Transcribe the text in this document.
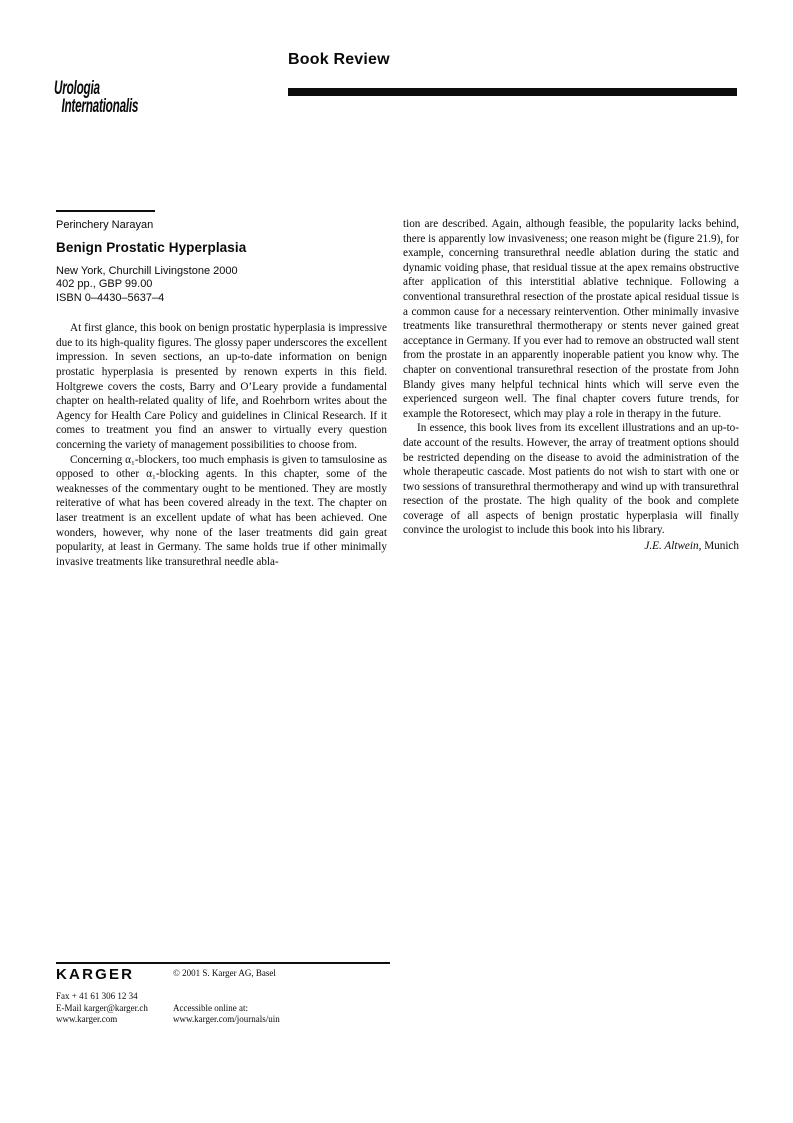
Book Review
Urologia
Internationalis
Perinchery Narayan
Benign Prostatic Hyperplasia
New York, Churchill Livingstone 2000
402 pp., GBP 99.00
ISBN 0–4430–5637–4

At first glance, this book on benign prostatic hyperplasia is impressive due to its high-quality figures. The glossy paper underscores the excellent impression. In seven sections, an up-to-date information on benign prostatic hyperplasia is presented by renown experts in this field. Holtgrewe covers the costs, Barry and O’Leary provide a fundamental chapter on health-related quality of life, and Roehrborn writes about the Agency for Health Care Policy and guidelines in Clinical Research. If it comes to treatment you find an answer to virtually every question concerning the variety of management possibilities to choose from.

Concerning α₁-blockers, too much emphasis is given to tamsulosine as opposed to other α₁-blocking agents. In this chapter, some of the weaknesses of the commentary ought to be mentioned. They are mostly reiterative of what has been covered already in the text. The chapter on laser treatment is an excellent update of what has been achieved. One wonders, however, why none of the laser treatments did gain great popularity, at least in Germany. The same holds true if other minimally invasive treatments like transurethral needle abla-

tion are described. Again, although feasible, the popularity lacks behind, there is apparently low invasiveness; one reason might be (figure 21.9), for example, concerning transurethral needle ablation during the static and dynamic voiding phase, that residual tissue at the apex remains obstructive after application of this interstitial ablative technique. Following a conventional transurethral resection of the prostate apical residual tissue is a common cause for a necessary reintervention. Other minimally invasive treatments like transurethral thermotherapy or stents never gained great acceptance in Germany. If you ever had to remove an obstructed wall stent from the prostate in an apparently inoperable patient you know why. The chapter on conventional transurethral resection of the prostate from John Blandy gives many helpful technical hints which will serve even the experienced surgeon well. The final chapter covers future trends, for example the Rotoresect, which may play a role in therapy in the future.

In essence, this book lives from its excellent illustrations and an up-to-date account of the results. However, the array of treatment options should be restricted depending on the disease to avoid the administration of the whole therapeutic cascade. Most patients do not wish to start with one or two sessions of transurethral thermotherapy and wind up with transurethral resection of the prostate. The high quality of the book and complete coverage of all aspects of benign prostatic hyperplasia will finally convince the urologist to include this book into his library.

J.E. Altwein, Munich
KARGER	© 2001 S. Karger AG, Basel
Fax + 41 61 306 12 34
E-Mail karger@karger.ch
www.karger.com
Accessible online at:
www.karger.com/journals/uin
